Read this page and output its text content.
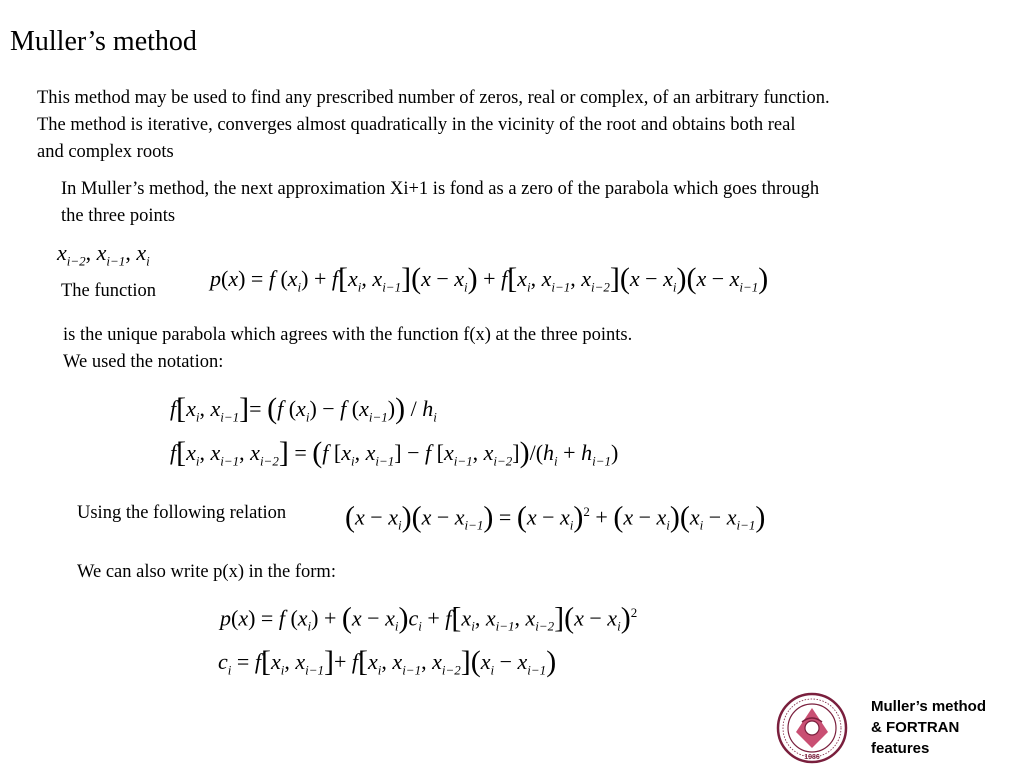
Muller’s method
This method may be used to find any prescribed number of zeros, real or complex, of an arbitrary function.
The method is iterative, converges almost quadratically in the vicinity of the root and obtains both real
and complex roots
In Muller’s method, the next approximation Xi+1 is fond as a zero of the parabola which goes through
the three points
$x_{i-2}$, $x_{i-1}$, $x_i$
The function p(x) = f $(x_i) + f[x_i$, $x_{i-1}](x - x_i) + f[x_i$, $x_{i-1}$, $x_{i-2}](x - x_i)(x - x_{i-1})$
is the unique parabola which agrees with the function f(x) at the three points.
We used the notation:
$f[x_i$, $x_{i-1}]= (f$ $(x_i) - f$ $(x_{i-1})) / h_i$
$f[x_i$, $x_{i-1}$, $x_{i-2}] = (f$ [$x_i$, $x_{i-1}] - f$ [$x_{i-1}$, $x_{i-2}])/(h_i + h_{i-1})$
Using the following relation $(x - x_i)(x - x_{i-1}) = (x - x_i)^2 + (x - x_i)(x_i - x_{i-1})$
We can also write p(x) in the form:
p(x) = f $(x_i) + (x - x_i)c_i + f[x_i$, $x_{i-1}$, $x_{i-2}](x - x_i)^2$
$c_i = f[x_i$, $x_{i-1}]+ f[x_i$, $x_{i-1}$, $x_{i-2}](x_i - x_{i-1})$
1986
Muller’s method
& FORTRAN
features
